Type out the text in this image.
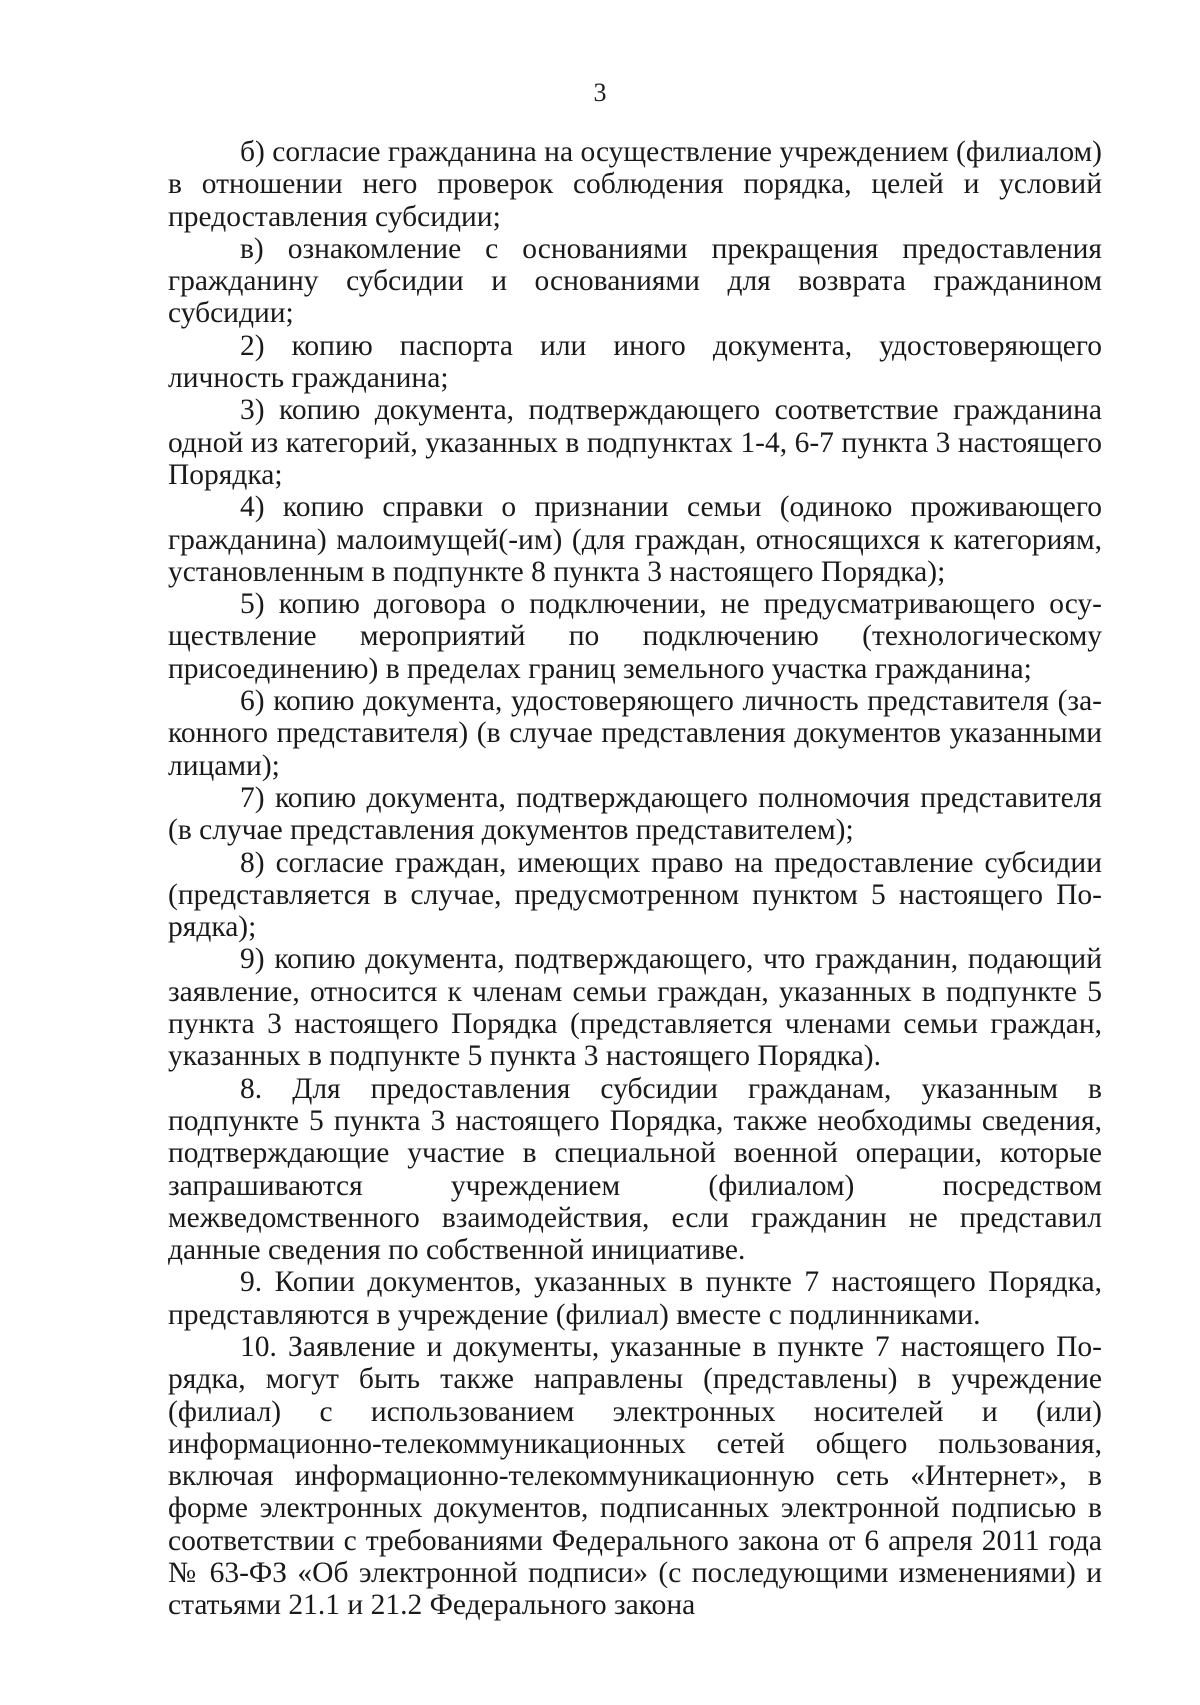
3

б) согласие гражданина на осуществление учреждением (филиалом) в отношении него проверок соблюдения порядка, целей и условий предоставления субсидии;

в) ознакомление с основаниями прекращения предоставления гражданину субсидии и основаниями для возврата гражданином субсидии;

2) копию паспорта или иного документа, удостоверяющего личность гражданина;

3) копию документа, подтверждающего соответствие гражданина одной из категорий, указанных в подпунктах 1-4, 6-7 пункта 3 настоящего Порядка;

4) копию справки о признании семьи (одиноко проживающего гражданина) малоимущей(-им) (для граждан, относящихся к категориям, установленным в подпункте 8 пункта 3 настоящего Порядка);

5) копию договора о подключении, не предусматривающего осуществление мероприятий по подключению (технологическому присоединению) в пределах границ земельного участка гражданина;

6) копию документа, удостоверяющего личность представителя (законного представителя) (в случае представления документов указанными лицами);

7) копию документа, подтверждающего полномочия представителя (в случае представления документов представителем);

8) согласие граждан, имеющих право на предоставление субсидии (представляется в случае, предусмотренном пунктом 5 настоящего Порядка);

9) копию документа, подтверждающего, что гражданин, подающий заявление, относится к членам семьи граждан, указанных в подпункте 5 пункта 3 настоящего Порядка (представляется членами семьи граждан, указанных в подпункте 5 пункта 3 настоящего Порядка).

8. Для предоставления субсидии гражданам, указанным в подпункте 5 пункта 3 настоящего Порядка, также необходимы сведения, подтверждающие участие в специальной военной операции, которые запрашиваются учреждением (филиалом) посредством межведомственного взаимодействия, если гражданин не представил данные сведения по собственной инициативе.

9. Копии документов, указанных в пункте 7 настоящего Порядка, представляются в учреждение (филиал) вместе с подлинниками.

10. Заявление и документы, указанные в пункте 7 настоящего Порядка, могут быть также направлены (представлены) в учреждение (филиал) с использованием электронных носителей и (или) информационно-телекоммуникационных сетей общего пользования, включая информационно-телекоммуникационную сеть «Интернет», в форме электронных документов, подписанных электронной подписью в соответствии с требованиями Федерального закона от 6 апреля 2011 года № 63-ФЗ «Об электронной подписи» (с последующими изменениями) и статьями 21.1 и 21.2 Федерального закона
